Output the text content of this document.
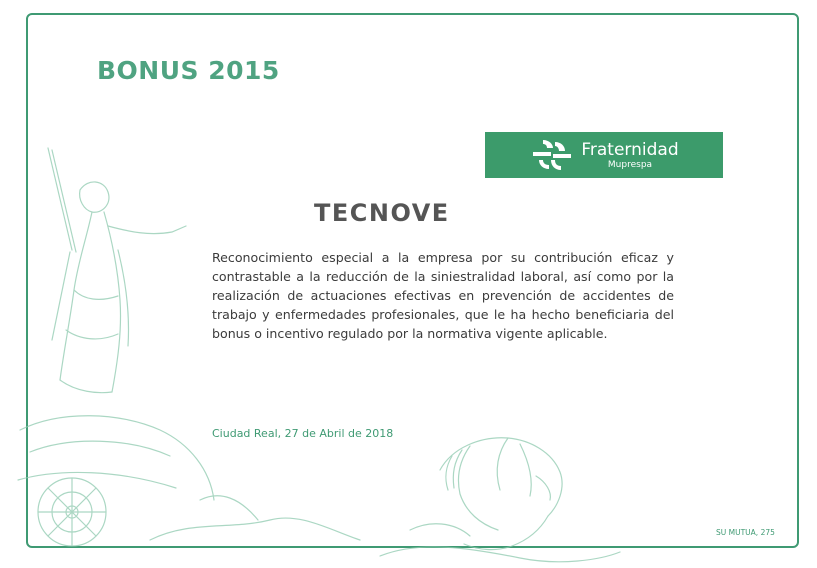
BONUS 2015
Fraternidad
Muprespa
TECNOVE
Reconocimiento especial a la empresa por su contribución eficaz y contrastable a la reducción de la siniestralidad laboral, así como por la realización de actuaciones efectivas en prevención de accidentes de trabajo y enfermedades profesionales, que le ha hecho beneficiaria del bonus o incentivo regulado por la normativa vigente aplicable.
Ciudad Real, 27 de Abril de 2018
SU MUTUA, 275
